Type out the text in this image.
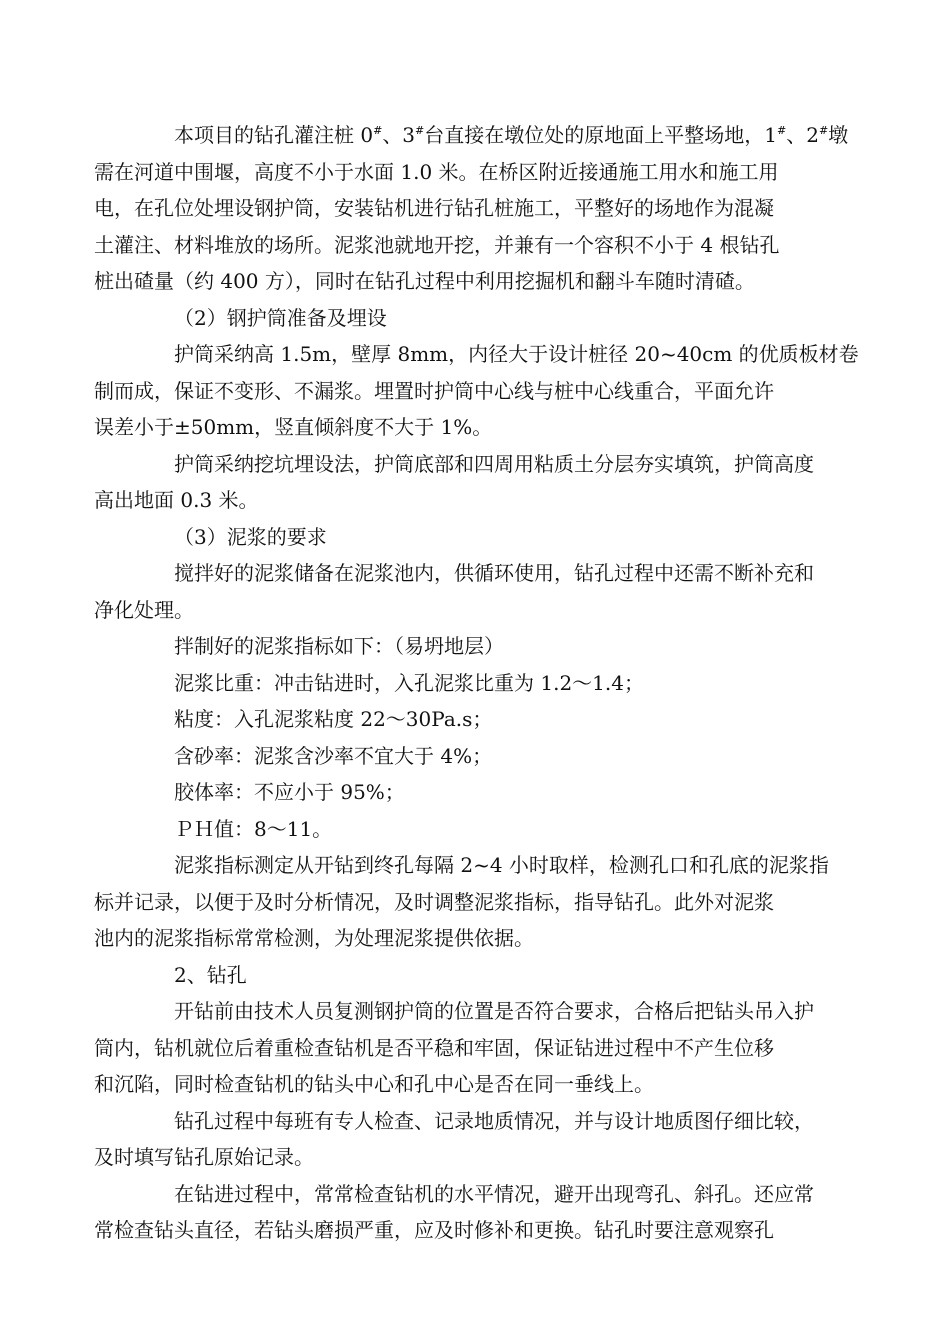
本项目的钻孔灌注桩 0#、3#台直接在墩位处的原地面上平整场地，1#、2#墩
需在河道中围堰，高度不小于水面 1.0 米。在桥区附近接通施工用水和施工用
电，在孔位处埋设钢护筒，安装钻机进行钻孔桩施工，平整好的场地作为混凝
土灌注、材料堆放的场所。泥浆池就地开挖，并兼有一个容积不小于 4 根钻孔
桩出碴量（约 400 方），同时在钻孔过程中利用挖掘机和翻斗车随时清碴。
（2）钢护筒准备及埋设
护筒采纳高 1.5m，壁厚 8mm，内径大于设计桩径 20~40cm 的优质板材卷
制而成，保证不变形、不漏浆。埋置时护筒中心线与桩中心线重合，平面允许
误差小于±50mm，竖直倾斜度不大于 1%。
护筒采纳挖坑埋设法，护筒底部和四周用粘质土分层夯实填筑，护筒高度
高出地面 0.3 米。
（3）泥浆的要求
搅拌好的泥浆储备在泥浆池内，供循环使用，钻孔过程中还需不断补充和
净化处理。
拌制好的泥浆指标如下：（易坍地层）
泥浆比重：冲击钻进时，入孔泥浆比重为 1.2～1.4；
粘度：入孔泥浆粘度 22～30Pa.s；
含砂率：泥浆含沙率不宜大于 4%；
胶体率：不应小于 95%；
ＰＨ值：8～11。
泥浆指标测定从开钻到终孔每隔 2~4 小时取样，检测孔口和孔底的泥浆指
标并记录，以便于及时分析情况，及时调整泥浆指标，指导钻孔。此外对泥浆
池内的泥浆指标常常检测，为处理泥浆提供依据。
2、钻孔
开钻前由技术人员复测钢护筒的位置是否符合要求，合格后把钻头吊入护
筒内，钻机就位后着重检查钻机是否平稳和牢固，保证钻进过程中不产生位移
和沉陷，同时检查钻机的钻头中心和孔中心是否在同一垂线上。
钻孔过程中每班有专人检查、记录地质情况，并与设计地质图仔细比较，
及时填写钻孔原始记录。
在钻进过程中，常常检查钻机的水平情况，避开出现弯孔、斜孔。还应常
常检查钻头直径，若钻头磨损严重，应及时修补和更换。钻孔时要注意观察孔
